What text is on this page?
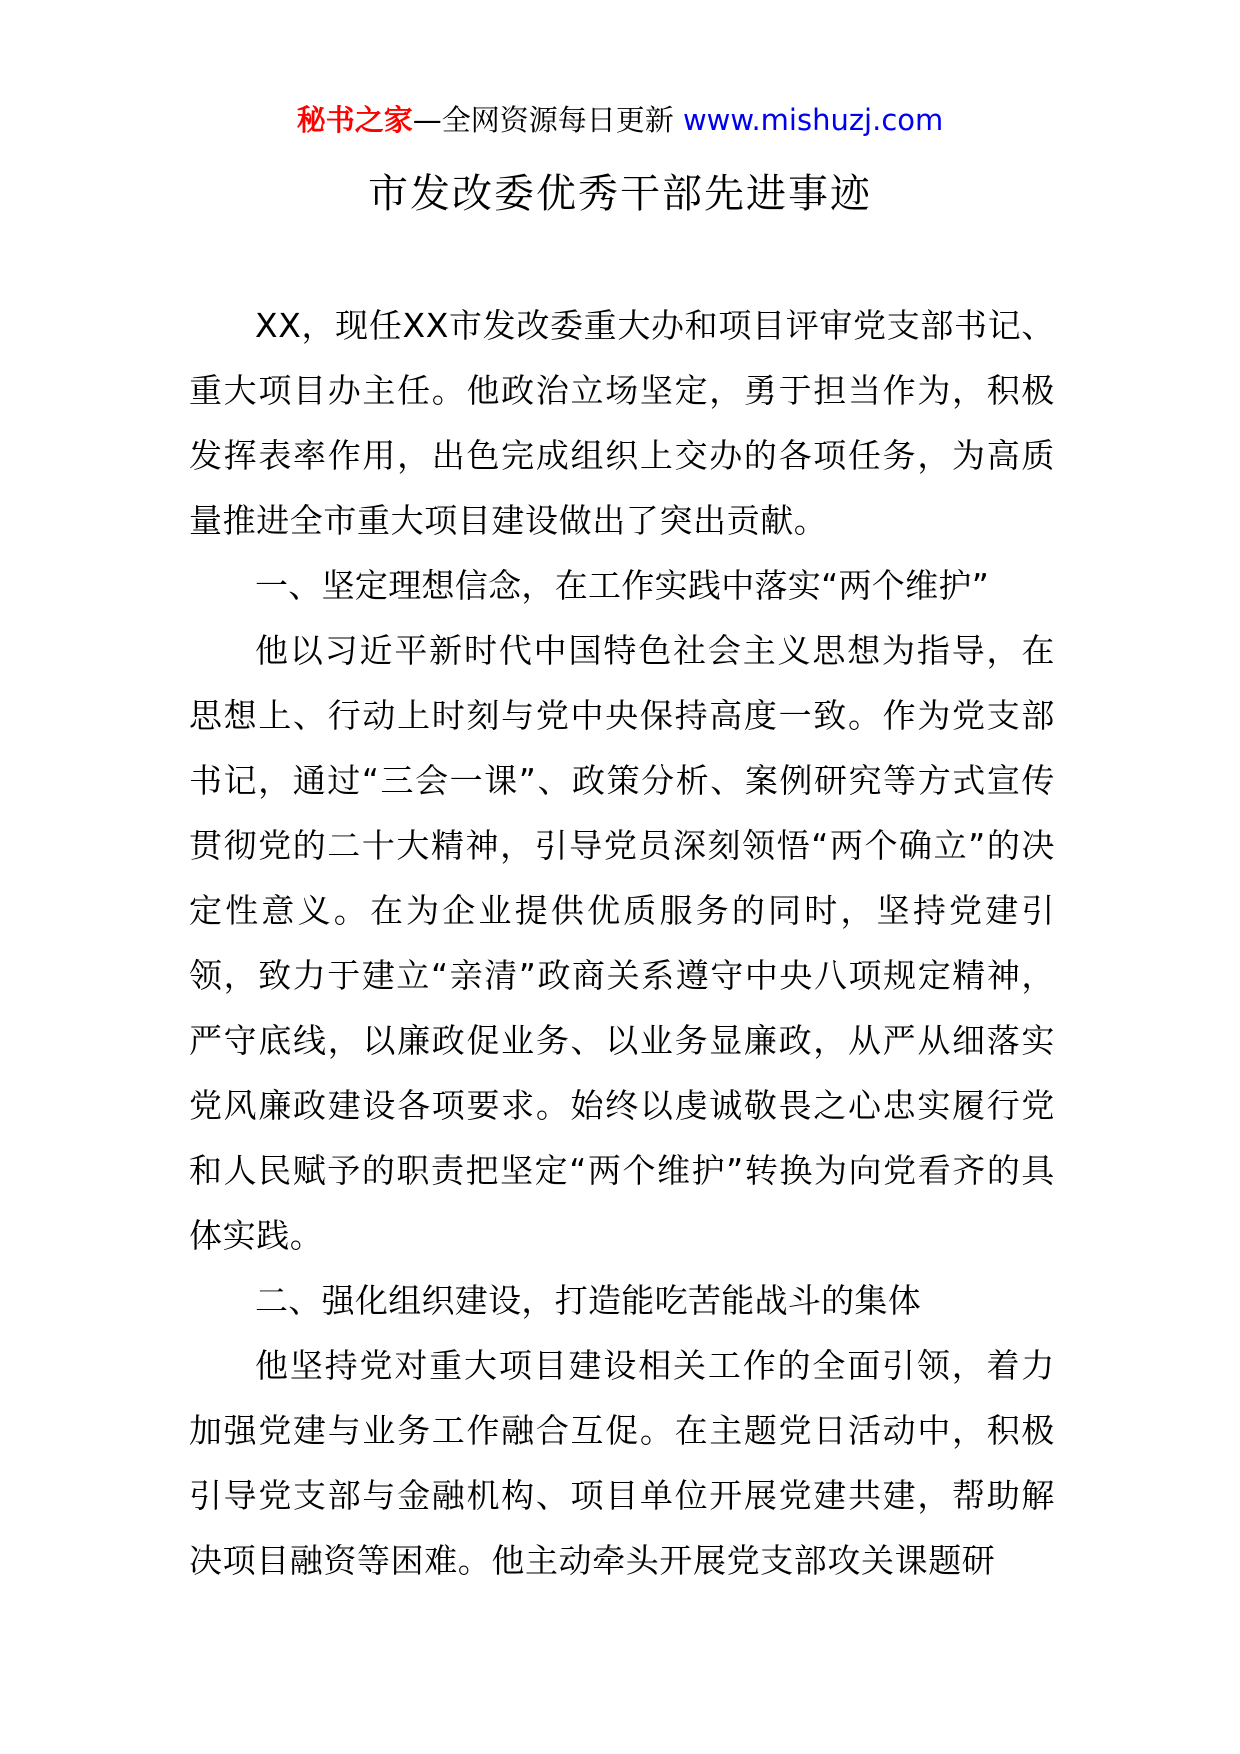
秘书之家—全网资源每日更新 www.mishuzj.com
市发改委优秀干部先进事迹

XX，现任XX市发改委重大办和项目评审党支部书记、重大项目办主任。他政治立场坚定，勇于担当作为，积极发挥表率作用，出色完成组织上交办的各项任务，为高质量推进全市重大项目建设做出了突出贡献。

一、坚定理想信念，在工作实践中落实“两个维护”

他以习近平新时代中国特色社会主义思想为指导，在思想上、行动上时刻与党中央保持高度一致。作为党支部书记，通过“三会一课”、政策分析、案例研究等方式宣传贯彻党的二十大精神，引导党员深刻领悟“两个确立”的决定性意义。在为企业提供优质服务的同时，坚持党建引领，致力于建立“亲清”政商关系遵守中央八项规定精神，严守底线，以廉政促业务、以业务显廉政，从严从细落实党风廉政建设各项要求。始终以虔诚敬畏之心忠实履行党和人民赋予的职责把坚定“两个维护”转换为向党看齐的具体实践。

二、强化组织建设，打造能吃苦能战斗的集体

他坚持党对重大项目建设相关工作的全面引领，着力加强党建与业务工作融合互促。在主题党日活动中，积极引导党支部与金融机构、项目单位开展党建共建，帮助解决项目融资等困难。他主动牵头开展党支部攻关课题研
